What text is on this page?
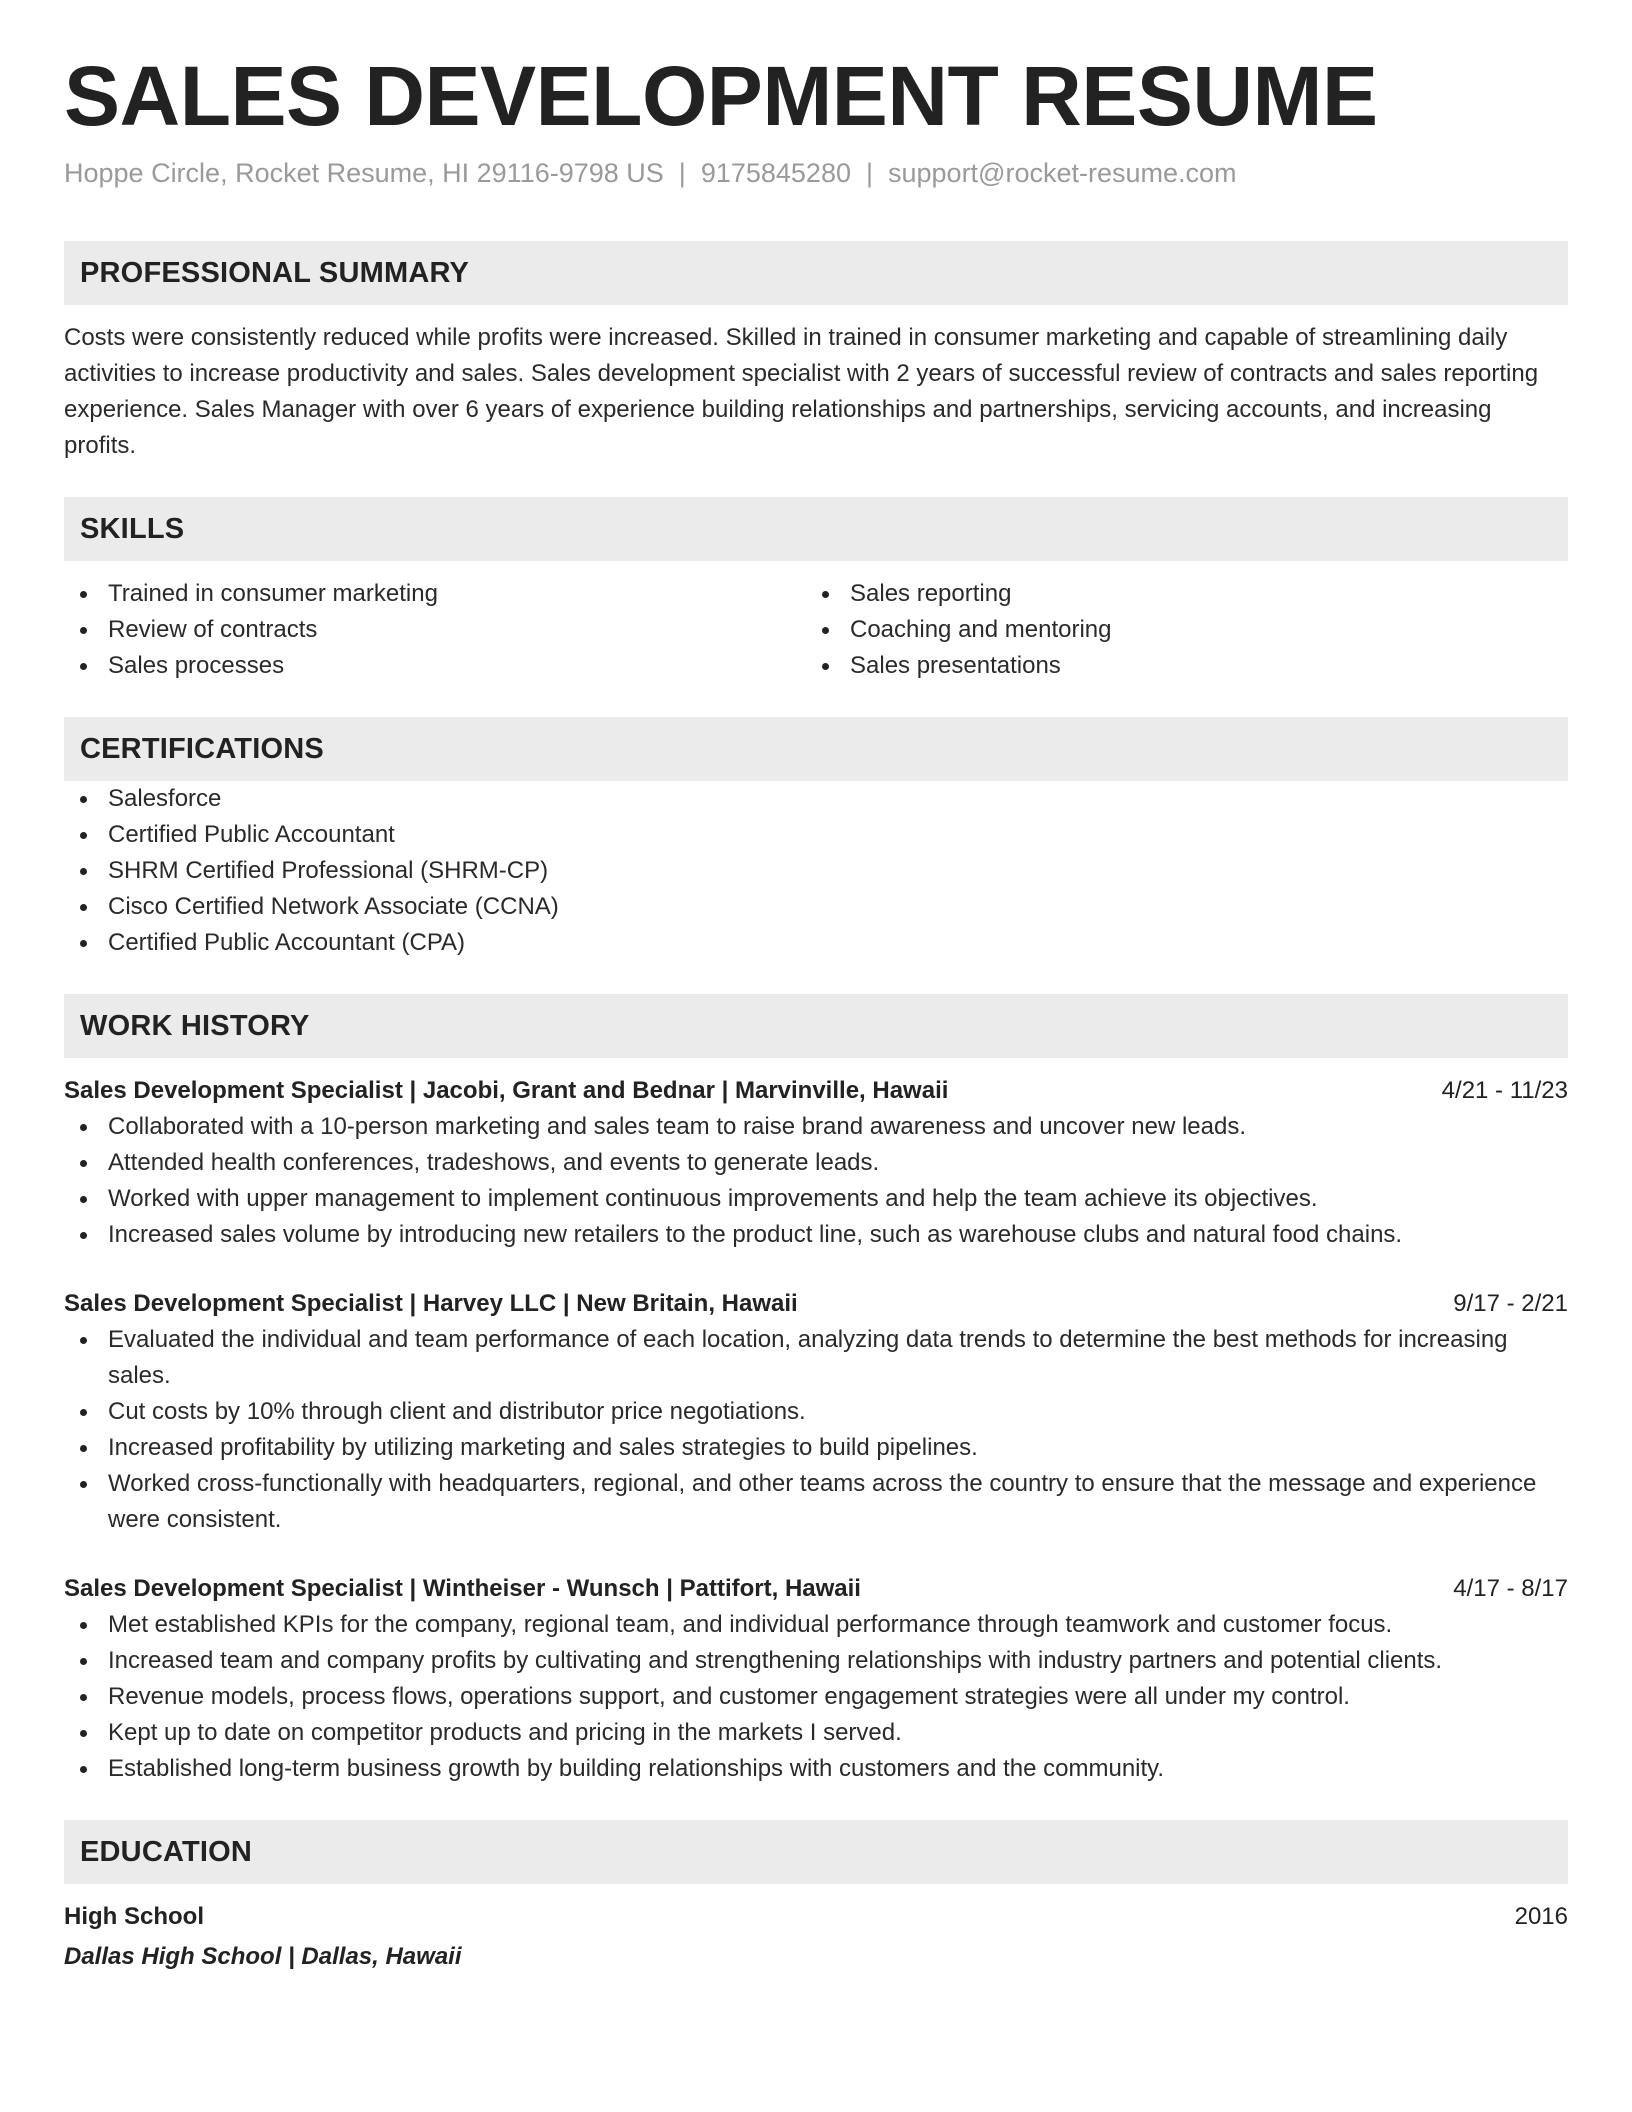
SALES DEVELOPMENT RESUME
Hoppe Circle, Rocket Resume, HI 29116-9798 US | 9175845280 | support@rocket-resume.com
PROFESSIONAL SUMMARY
Costs were consistently reduced while profits were increased. Skilled in trained in consumer marketing and capable of streamlining daily activities to increase productivity and sales. Sales development specialist with 2 years of successful review of contracts and sales reporting experience. Sales Manager with over 6 years of experience building relationships and partnerships, servicing accounts, and increasing profits.
SKILLS
Trained in consumer marketing
Review of contracts
Sales processes
Sales reporting
Coaching and mentoring
Sales presentations
CERTIFICATIONS
Salesforce
Certified Public Accountant
SHRM Certified Professional (SHRM-CP)
Cisco Certified Network Associate (CCNA)
Certified Public Accountant (CPA)
WORK HISTORY
Sales Development Specialist | Jacobi, Grant and Bednar | Marvinville, Hawaii	4/21 - 11/23
Collaborated with a 10-person marketing and sales team to raise brand awareness and uncover new leads.
Attended health conferences, tradeshows, and events to generate leads.
Worked with upper management to implement continuous improvements and help the team achieve its objectives.
Increased sales volume by introducing new retailers to the product line, such as warehouse clubs and natural food chains.
Sales Development Specialist | Harvey LLC | New Britain, Hawaii	9/17 - 2/21
Evaluated the individual and team performance of each location, analyzing data trends to determine the best methods for increasing sales.
Cut costs by 10% through client and distributor price negotiations.
Increased profitability by utilizing marketing and sales strategies to build pipelines.
Worked cross-functionally with headquarters, regional, and other teams across the country to ensure that the message and experience were consistent.
Sales Development Specialist | Wintheiser - Wunsch | Pattifort, Hawaii	4/17 - 8/17
Met established KPIs for the company, regional team, and individual performance through teamwork and customer focus.
Increased team and company profits by cultivating and strengthening relationships with industry partners and potential clients.
Revenue models, process flows, operations support, and customer engagement strategies were all under my control.
Kept up to date on competitor products and pricing in the markets I served.
Established long-term business growth by building relationships with customers and the community.
EDUCATION
High School	2016
Dallas High School | Dallas, Hawaii
